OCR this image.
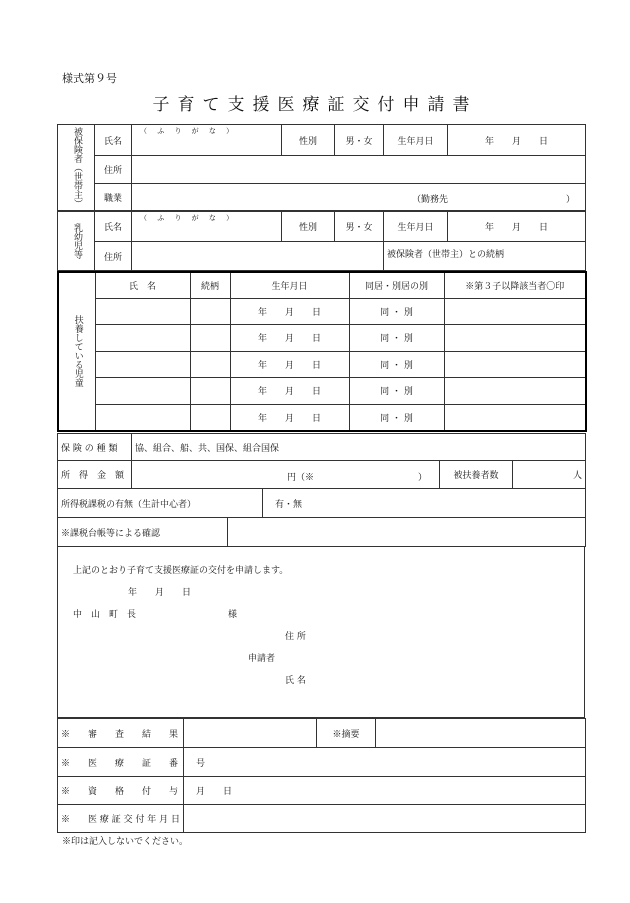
様式第９号
子育て支援医療証交付申請書
被保険者（世帯主）	氏名	（ ふ り が な ）	性別	男・女	生年月日	年　　月　　日
	住所					
	職業	（勤務先 ）				
乳幼児等	氏名	（ ふ り が な ）	性別	男・女	生年月日	年　　月　　日
	住所				被保険者（世帯主）との続柄
扶養している児童	氏　名	続柄	生年月日	同居・別居の別	※第３子以降該当者〇印
			年　　月　　日	同 ・ 別	
			年　　月　　日	同 ・ 別	
			年　　月　　日	同 ・ 別	
			年　　月　　日	同 ・ 別	
			年　　月　　日	同 ・ 別	
保 険 の 種 類	協、組合、船、共、国保、組合国保		
所　得　金　額	円（※ ）	被扶養者数	人
所得税課税の有無（生計中心者）	有・無
※課税台帳等による確認	
上記のとおり子育て支援医療証の交付を申請します。
年　　月　　日
中　山　町　長	様
住 所
申請者
氏 名
※　　審　　査　　結　　果		※摘要	
※　　医　　療　　証　　番　　号			
※　　資　　格　　付　　与　　月　　日			
※　　医 療 証 交 付 年 月 日			
※印は記入しないでください。
